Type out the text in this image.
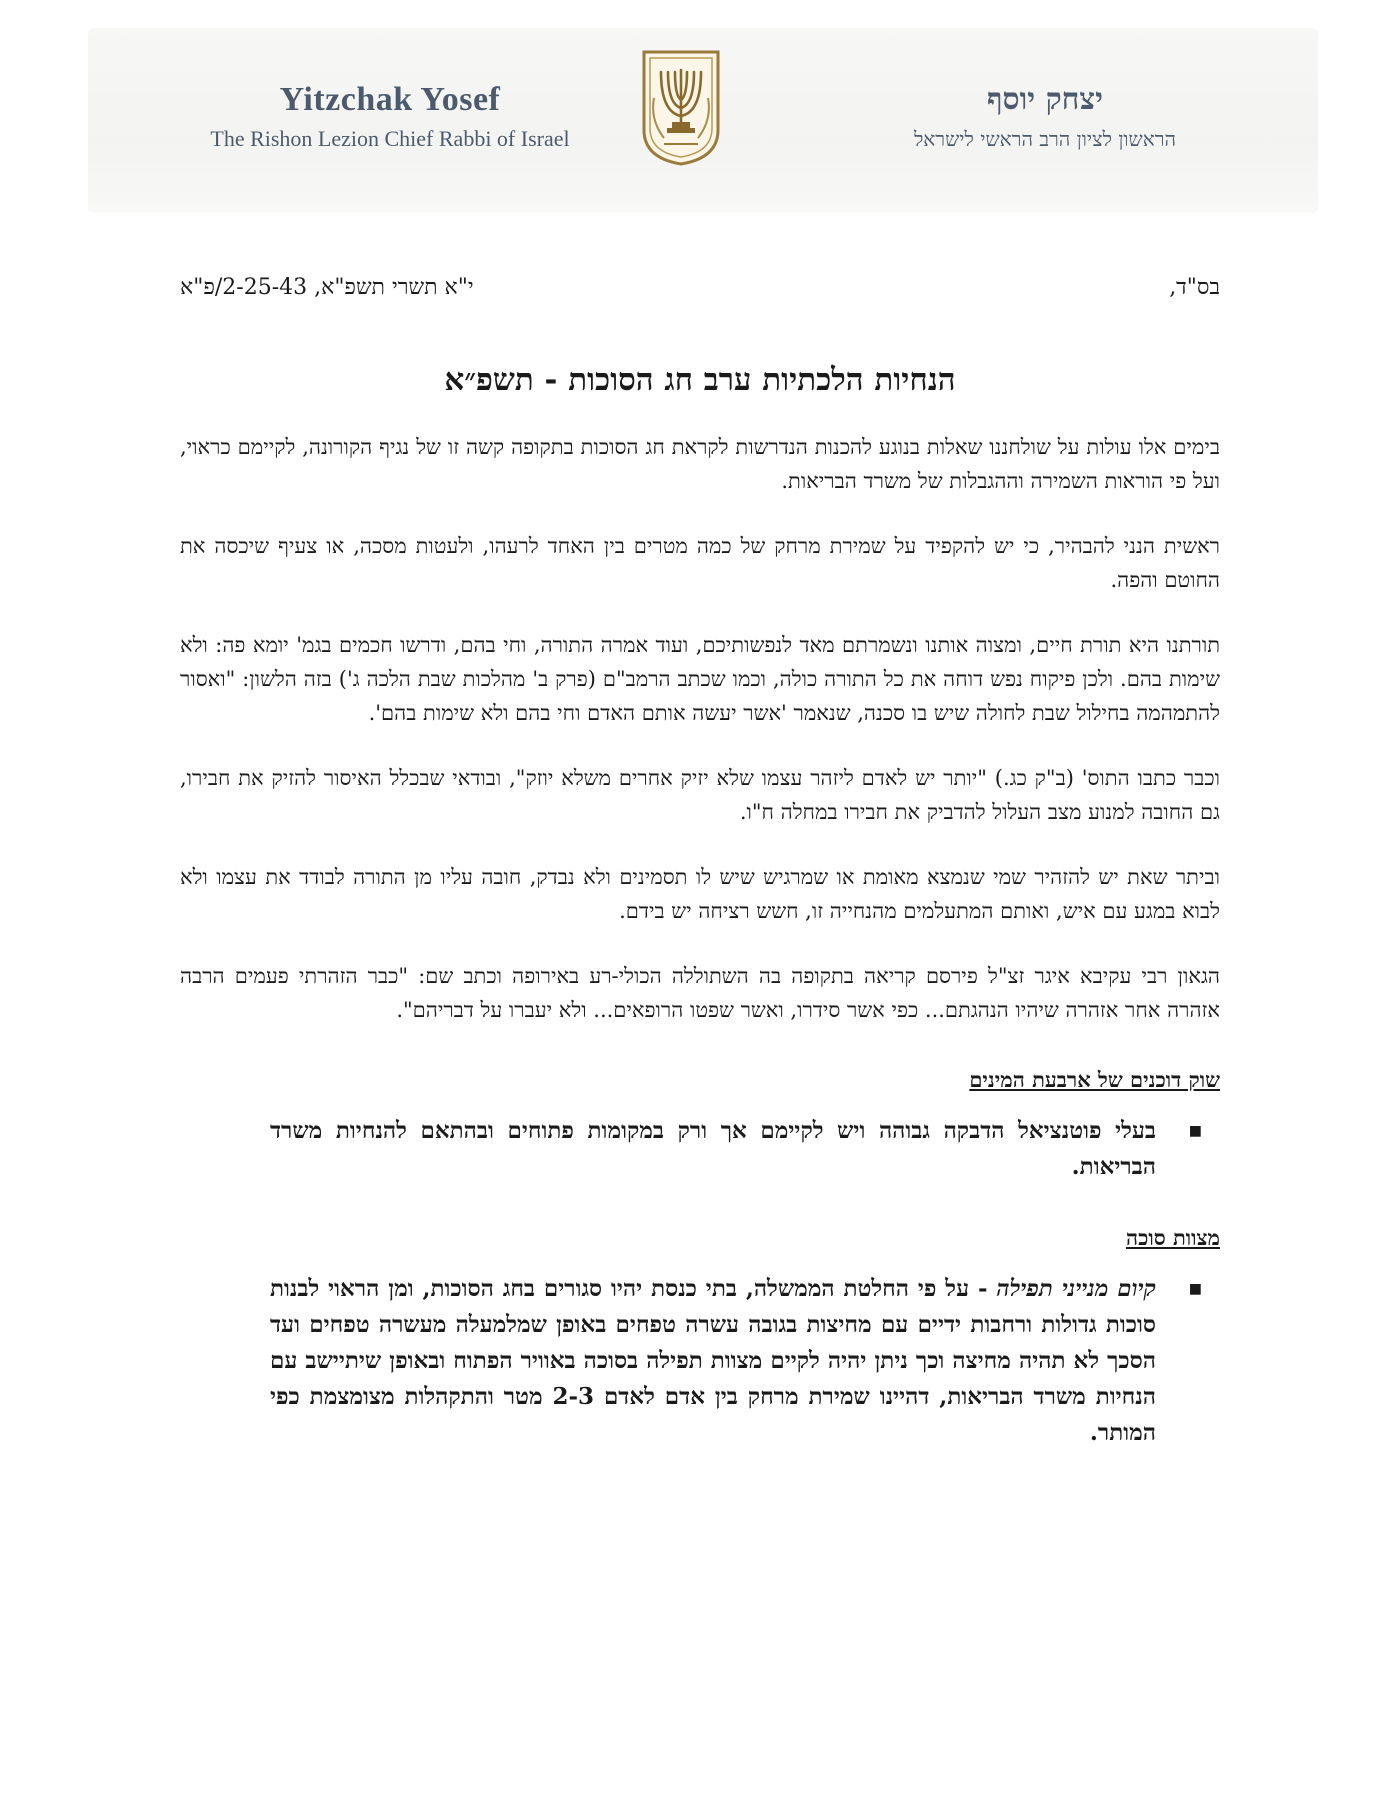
Yitzchak Yosef
The Rishon Lezion Chief Rabbi of Israel
יצחק יוסף
הראשון לציון הרב הראשי לישראל
בס"ד,
י"א תשרי תשפ"א, 2-25-43/פ"א
הנחיות הלכתיות ערב חג הסוכות - תשפ״א

בימים אלו עולות על שולחננו שאלות בנוגע להכנות הנדרשות לקראת חג הסוכות בתקופה קשה זו של נגיף הקורונה, לקיימם כראוי, ועל פי הוראות השמירה וההגבלות של משרד הבריאות.

ראשית הנני להבהיר, כי יש להקפיד על שמירת מרחק של כמה מטרים בין האחד לרעהו, ולעטות מסכה, או צעיף שיכסה את החוטם והפה.

תורתנו היא תורת חיים, ומצוה אותנו ונשמרתם מאד לנפשותיכם, ועוד אמרה התורה, וחי בהם, ודרשו חכמים בגמ' יומא פה: ולא שימות בהם. ולכן פיקוח נפש דוחה את כל התורה כולה, וכמו שכתב הרמב"ם (פרק ב' מהלכות שבת הלכה ג') בזה הלשון: "ואסור להתמהמה בחילול שבת לחולה שיש בו סכנה, שנאמר 'אשר יעשה אותם האדם וחי בהם ולא שימות בהם'.

וכבר כתבו התוס' (ב"ק כג.) "יותר יש לאדם ליזהר עצמו שלא יזיק אחרים משלא יוזק", ובודאי שבכלל האיסור להזיק את חבירו, גם החובה למנוע מצב העלול להדביק את חבירו במחלה ח"ו.

וביתר שאת יש להזהיר שמי שנמצא מאומת או שמרגיש שיש לו תסמינים ולא נבדק, חובה עליו מן התורה לבודד את עצמו ולא לבוא במגע עם איש, ואותם המתעלמים מהנחייה זו, חשש רציחה יש בידם.

הגאון רבי עקיבא איגר זצ"ל פירסם קריאה בתקופה בה השתוללה הכולי-רע באירופה וכתב שם: "כבר הזהרתי פעמים הרבה אזהרה אחר אזהרה שיהיו הנהגתם... כפי אשר סידרו, ואשר שפטו הרופאים... ולא יעברו על דבריהם".

שוק דוכנים של ארבעת המינים
■
בעלי פוטנציאל הדבקה גבוהה ויש לקיימם אך ורק במקומות פתוחים ובהתאם להנחיות משרד הבריאות.
מצוות סוכה
■
קיום מנייני תפילה - על פי החלטת הממשלה, בתי כנסת יהיו סגורים בחג הסוכות, ומן הראוי לבנות סוכות גדולות ורחבות ידיים עם מחיצות בגובה עשרה טפחים באופן שמלמעלה מעשרה טפחים ועד הסכך לא תהיה מחיצה וכך ניתן יהיה לקיים מצוות תפילה בסוכה באוויר הפתוח ובאופן שיתיישב עם הנחיות משרד הבריאות, דהיינו שמירת מרחק בין אדם לאדם 2-3 מטר והתקהלות מצומצמת כפי המותר.
